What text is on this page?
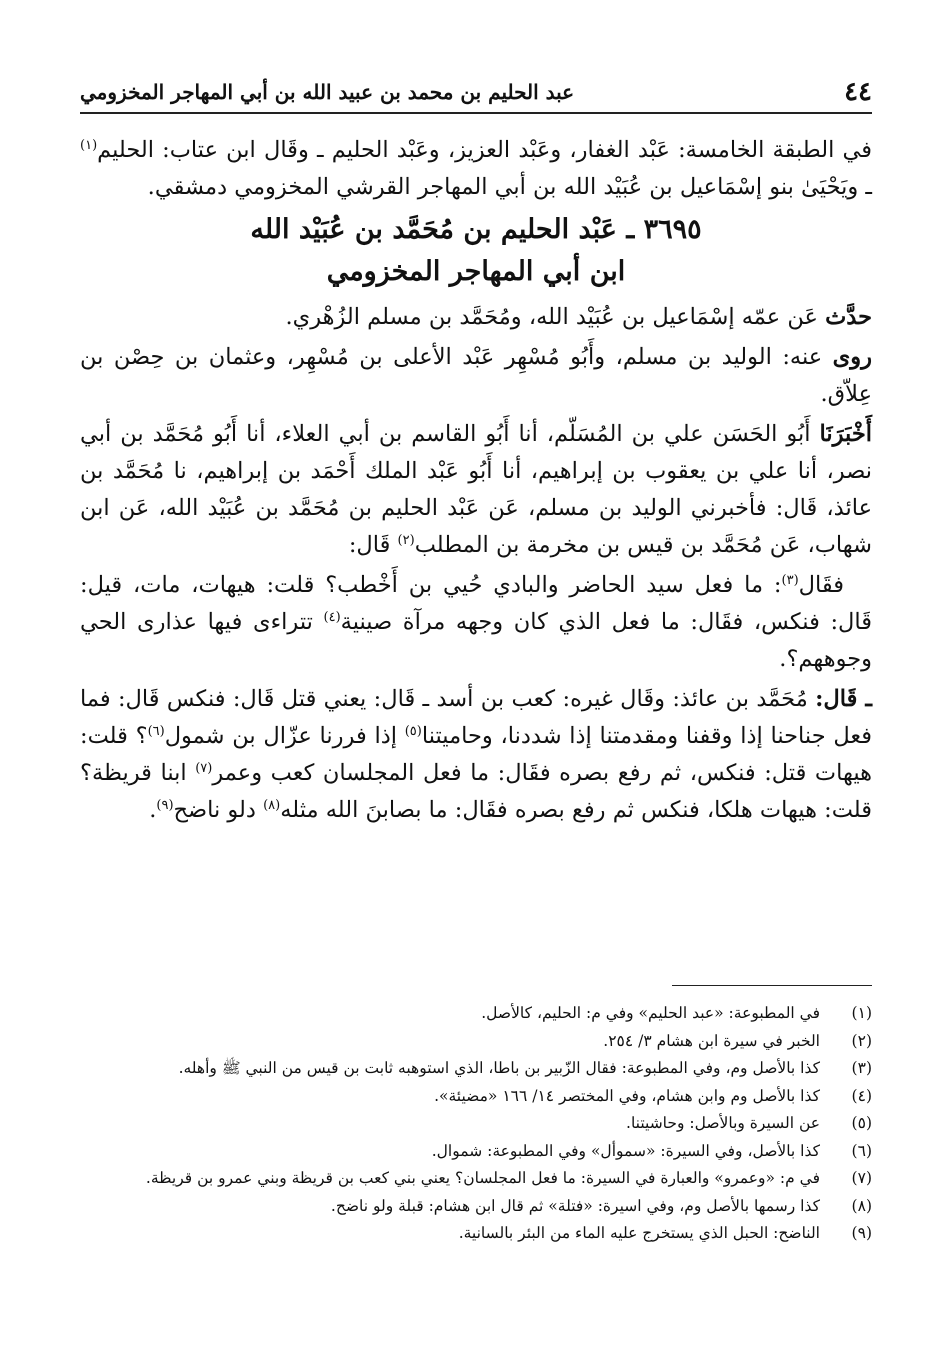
٤٤
عبد الحليم بن محمد بن عبيد الله بن أبي المهاجر المخزومي

في الطبقة الخامسة: عَبْد الغفار، وعَبْد العزيز، وعَبْد الحليم ـ وقَال ابن عتاب: الحليم$^{(١)}$ ـ ويَحْيَىٰ بنو إسْمَاعيل بن عُبَيْد الله بن أبي المهاجر القرشي المخزومي دمشقي.

٣٦٩٥ ـ عَبْد الحليم بن مُحَمَّد بن عُبَيْد الله
ابن أبي المهاجر المخزومي

حدَّث عَن عمّه إسْمَاعيل بن عُبَيْد الله، ومُحَمَّد بن مسلم الزُهْري.

روى عنه: الوليد بن مسلم، وأَبُو مُسْهِر عَبْد الأعلى بن مُسْهِر، وعثمان بن حِصْن بن عِلاّق.

أَخْبَرَنَا أَبُو الحَسَن علي بن المُسَلّم، أنا أَبُو القاسم بن أبي العلاء، أنا أَبُو مُحَمَّد بن أبي نصر، أنا علي بن يعقوب بن إبراهيم، أنا أَبُو عَبْد الملك أَحْمَد بن إبراهيم، نا مُحَمَّد بن عائذ، قَال: فأخبرني الوليد بن مسلم، عَن عَبْد الحليم بن مُحَمَّد بن عُبَيْد الله، عَن ابن شهاب، عَن مُحَمَّد بن قيس بن مخرمة بن المطلب$^{(٢)}$ قَال:

فقَال$^{(٣)}$: ما فعل سيد الحاضر والبادي حُيي بن أَخْطب؟ قلت: هيهات، مات، قيل: قَال: فنكس، فقَال: ما فعل الذي كان وجهه مرآة صينية$^{(٤)}$ تتراءى فيها عذارى الحي وجوههم؟.

ـ قَال: مُحَمَّد بن عائذ: وقَال غيره: كعب بن أسد ـ قَال: يعني قتل قَال: فنكس قَال: فما فعل جناحنا إذا وقفنا ومقدمتنا إذا شددنا، وحاميتنا$^{(٥)}$ إذا فررنا عزّال بن شمول$^{(٦)}$؟ قلت: هيهات قتل: فنكس، ثم رفع بصره فقَال: ما فعل المجلسان كعب وعمر$^{(٧)}$ ابنا قريظة؟ قلت: هيهات هلكا، فنكس ثم رفع بصره فقَال: ما بصابنَ الله مثله$^{(٨)}$ دلو ناضح$^{(٩)}$.

(١)
في المطبوعة: «عبد الحليم» وفي م: الحليم، كالأصل.
(٢)
الخبر في سيرة ابن هشام ٣/ ٢٥٤.
(٣)
كذا بالأصل وم، وفي المطبوعة: فقال الزّبير بن باطا، الذي استوهبه ثابت بن قيس من النبي ﷺ وأهله.
(٤)
كذا بالأصل وم وابن هشام، وفي المختصر ١٤/ ١٦٦ «مضيئة».
(٥)
عن السيرة وبالأصل: وحاشيتنا.
(٦)
كذا بالأصل، وفي السيرة: «سموأل» وفي المطبوعة: شموال.
(٧)
في م: «وعمرو» والعبارة في السيرة: ما فعل المجلسان؟ يعني بني كعب بن قريظة وبني عمرو بن قريظة.
(٨)
كذا رسمها بالأصل وم، وفي اسيرة: «فتلة» ثم قال ابن هشام: قبلة ولو ناضح.
(٩)
الناضح: الحبل الذي يستخرج عليه الماء من البئر بالسانية.
